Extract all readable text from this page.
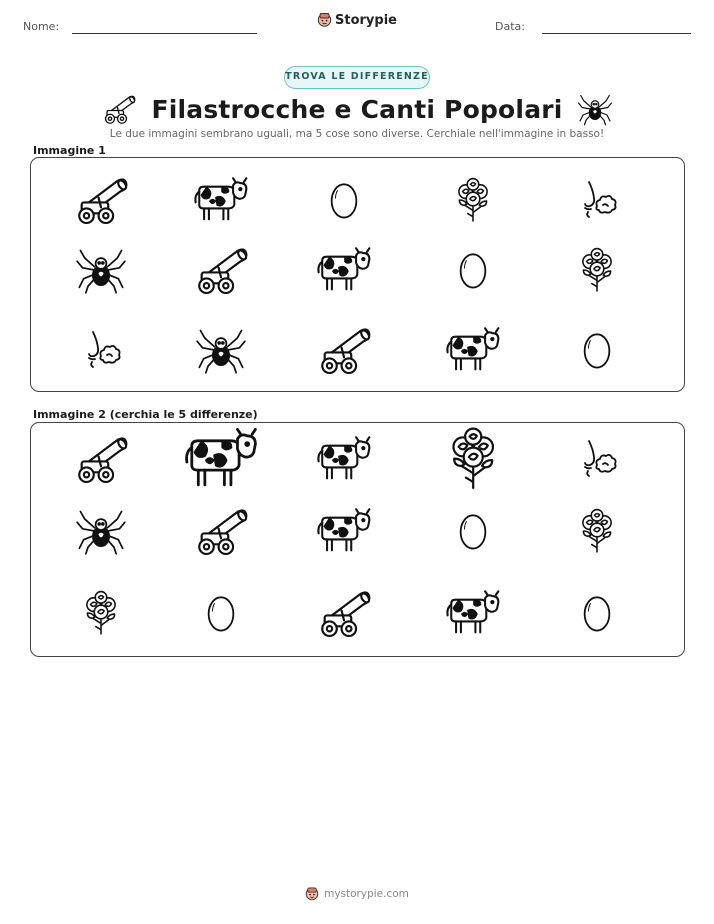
Nome:	Storypie	Data:
TROVA LE DIFFERENZE
Filastrocche e Canti Popolari
Le due immagini sembrano uguali, ma 5 cose sono diverse. Cerchiale nell'immagine in basso!
Immagine 1
Immagine 2 (cerchia le 5 differenze)
mystorypie.com
